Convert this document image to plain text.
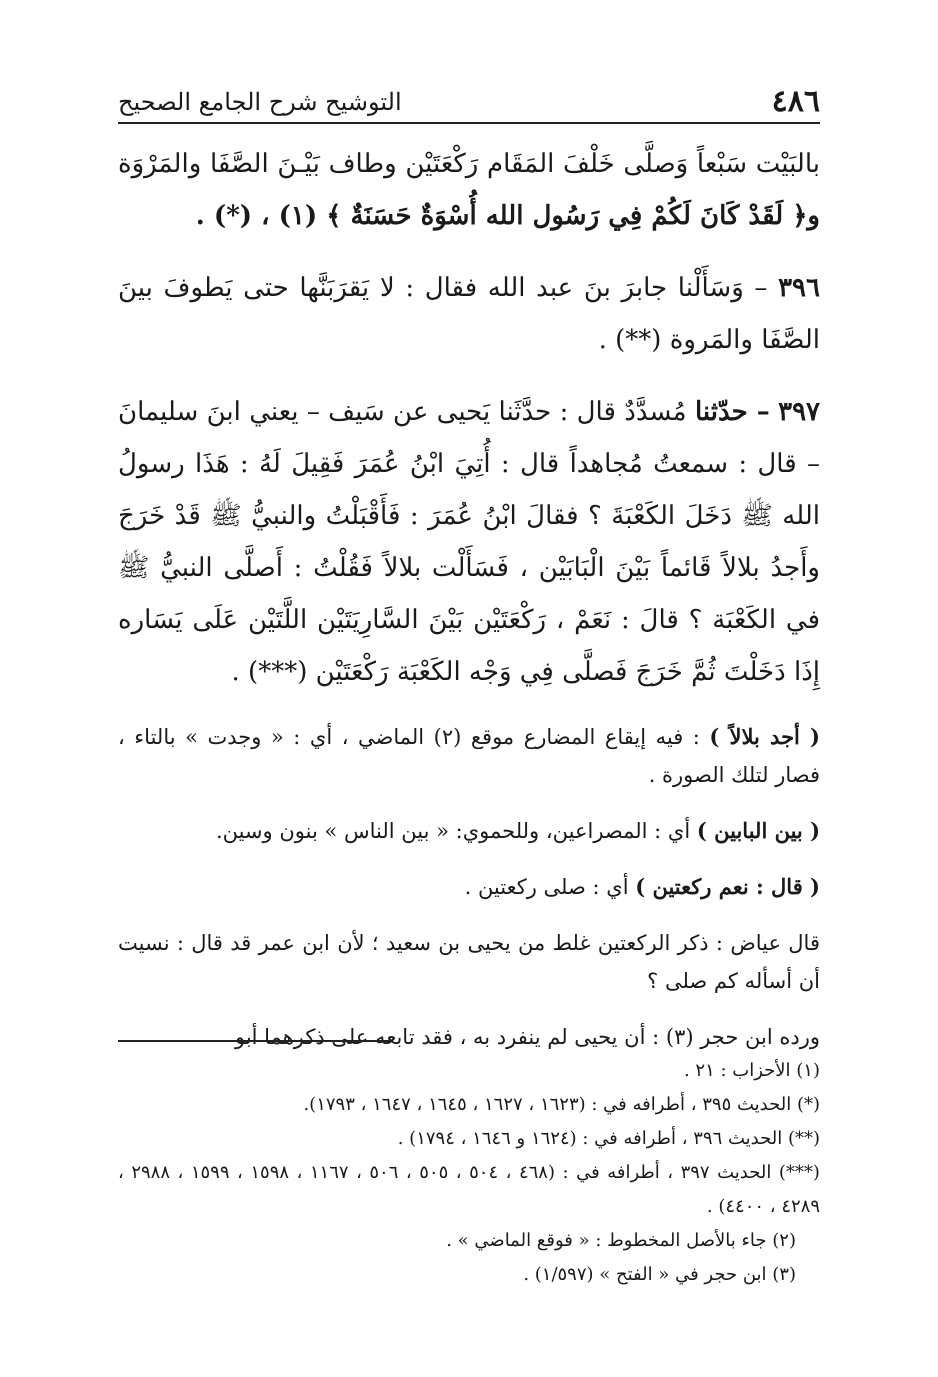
٤٨٦
التوشيح شرح الجامع الصحيح

بالبَيْت سَبْعاً وَصلَّى خَلْفَ المَقَام رَكْعَتَيْن وطاف بَيْـنَ الصَّفَا والمَرْوَة و﴿ لَقَدْ كَانَ لَكُمْ فِي رَسُول الله أُسْوَةٌ حَسَنَةٌ ﴾ (١) ، (*) .

٣٩٦ – وَسَأَلْنا جابرَ بنَ عبد الله فقال : لا يَقرَبَنَّها حتى يَطوفَ بينَ الصَّفَا والمَروة (**) .

٣٩٧ – حدّثنا مُسدَّدٌ قال : حدَّثَنا يَحيى عن سَيف – يعني ابنَ سليمانَ – قال : سمعتُ مُجاهداً قال : أُتِيَ ابْنُ عُمَرَ فَقِيلَ لَهُ : هَذَا رسولُ الله ﷺ دَخَلَ الكَعْبَةَ ؟ فقالَ ابْنُ عُمَرَ : فَأَقْبَلْتُ والنبيُّ ﷺ قَدْ خَرَجَ وأَجدُ بلالاً قَائماً بَيْنَ الْبَابَيْن ، فَسَأَلْت بلالاً فَقُلْتُ : أَصلَّى النبيُّ ﷺ في الكَعْبَة ؟ قالَ : نَعَمْ ، رَكْعَتَيْن بَيْنَ السَّارِيَتَيْن اللَّتَيْن عَلَى يَسَاره إِذَا دَخَلْتَ ثُمَّ خَرَجَ فَصلَّى فِي وَجْه الكَعْبَة رَكْعَتَيْن (***) .

( أجد بلالاً ) : فيه إيقاع المضارع موقع (٢) الماضي ، أي : « وجدت » بالتاء ، فصار لتلك الصورة .

( بين البابين ) أي : المصراعين، وللحموي: « بين الناس » بنون وسين.

( قال : نعم ركعتين ) أي : صلى ركعتين .

قال عياض : ذكر الركعتين غلط من يحيى بن سعيد ؛ لأن ابن عمر قد قال : نسيت أن أسأله كم صلى ؟

ورده ابن حجر (٣) : أن يحيى لم ينفرد به ، فقد تابعه على ذكرهما أبو

(١) الأحزاب : ٢١ .

(*) الحديث ٣٩٥ ، أطرافه في : (١٦٢٣ ، ١٦٢٧ ، ١٦٤٥ ، ١٦٤٧ ، ١٧٩٣).

(**) الحديث ٣٩٦ ، أطرافه في : (١٦٢٤ و ١٦٤٦ ، ١٧٩٤) .

(***) الحديث ٣٩٧ ، أطرافه في : (٤٦٨ ، ٥٠٤ ، ٥٠٥ ، ٥٠٦ ، ١١٦٧ ، ١٥٩٨ ، ١٥٩٩ ، ٢٩٨٨ ، ٤٢٨٩ ، ٤٤٠٠) .

(٢) جاء بالأصل المخطوط : « فوقع الماضي » .

(٣) ابن حجر في « الفتح » (١/٥٩٧) .
